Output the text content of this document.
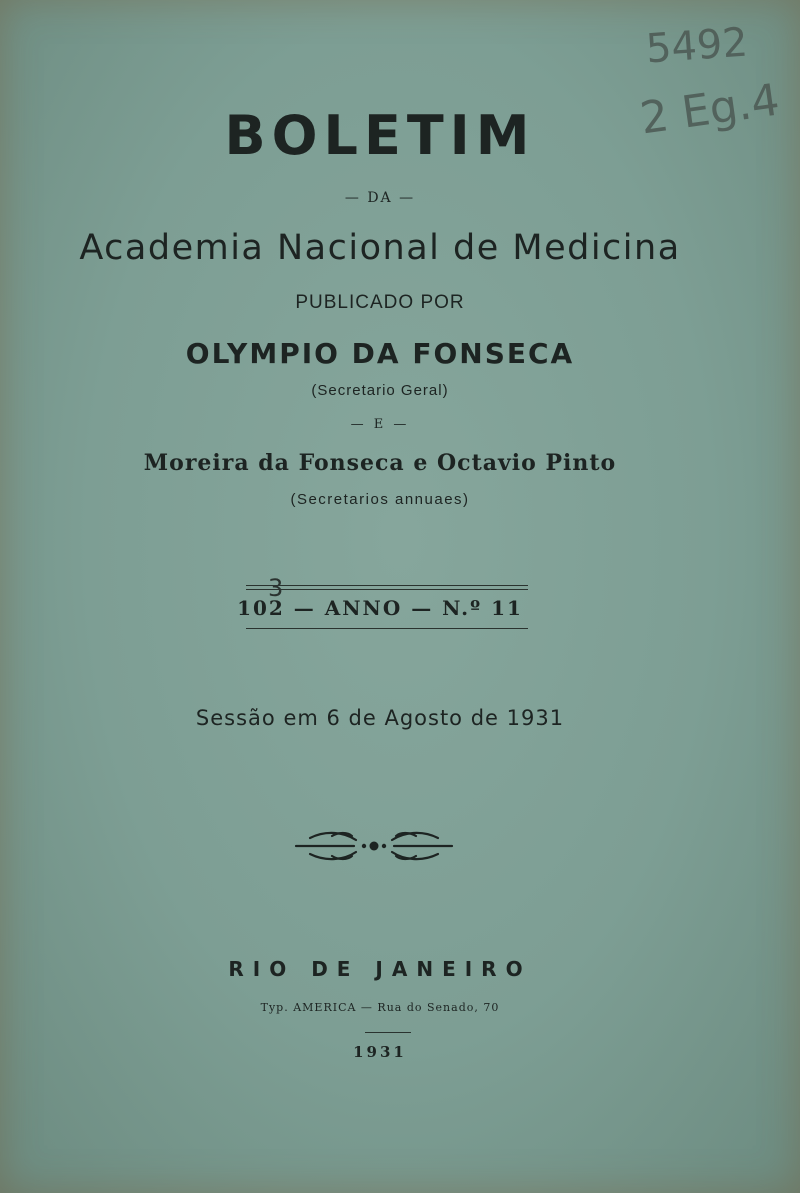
5492
2 Eg.4
BOLETIM
— DA —
Academia Nacional de Medicina
PUBLICADO POR
OLYMPIO DA FONSECA
(Secretario Geral)
— E —
Moreira da Fonseca e Octavio Pinto
(Secretarios annuaes)
102 — ANNO — N.º 11
3
Sessão em 6 de Agosto de 1931
RIO DE JANEIRO
Typ. AMERICA — Rua do Senado, 70
1931
